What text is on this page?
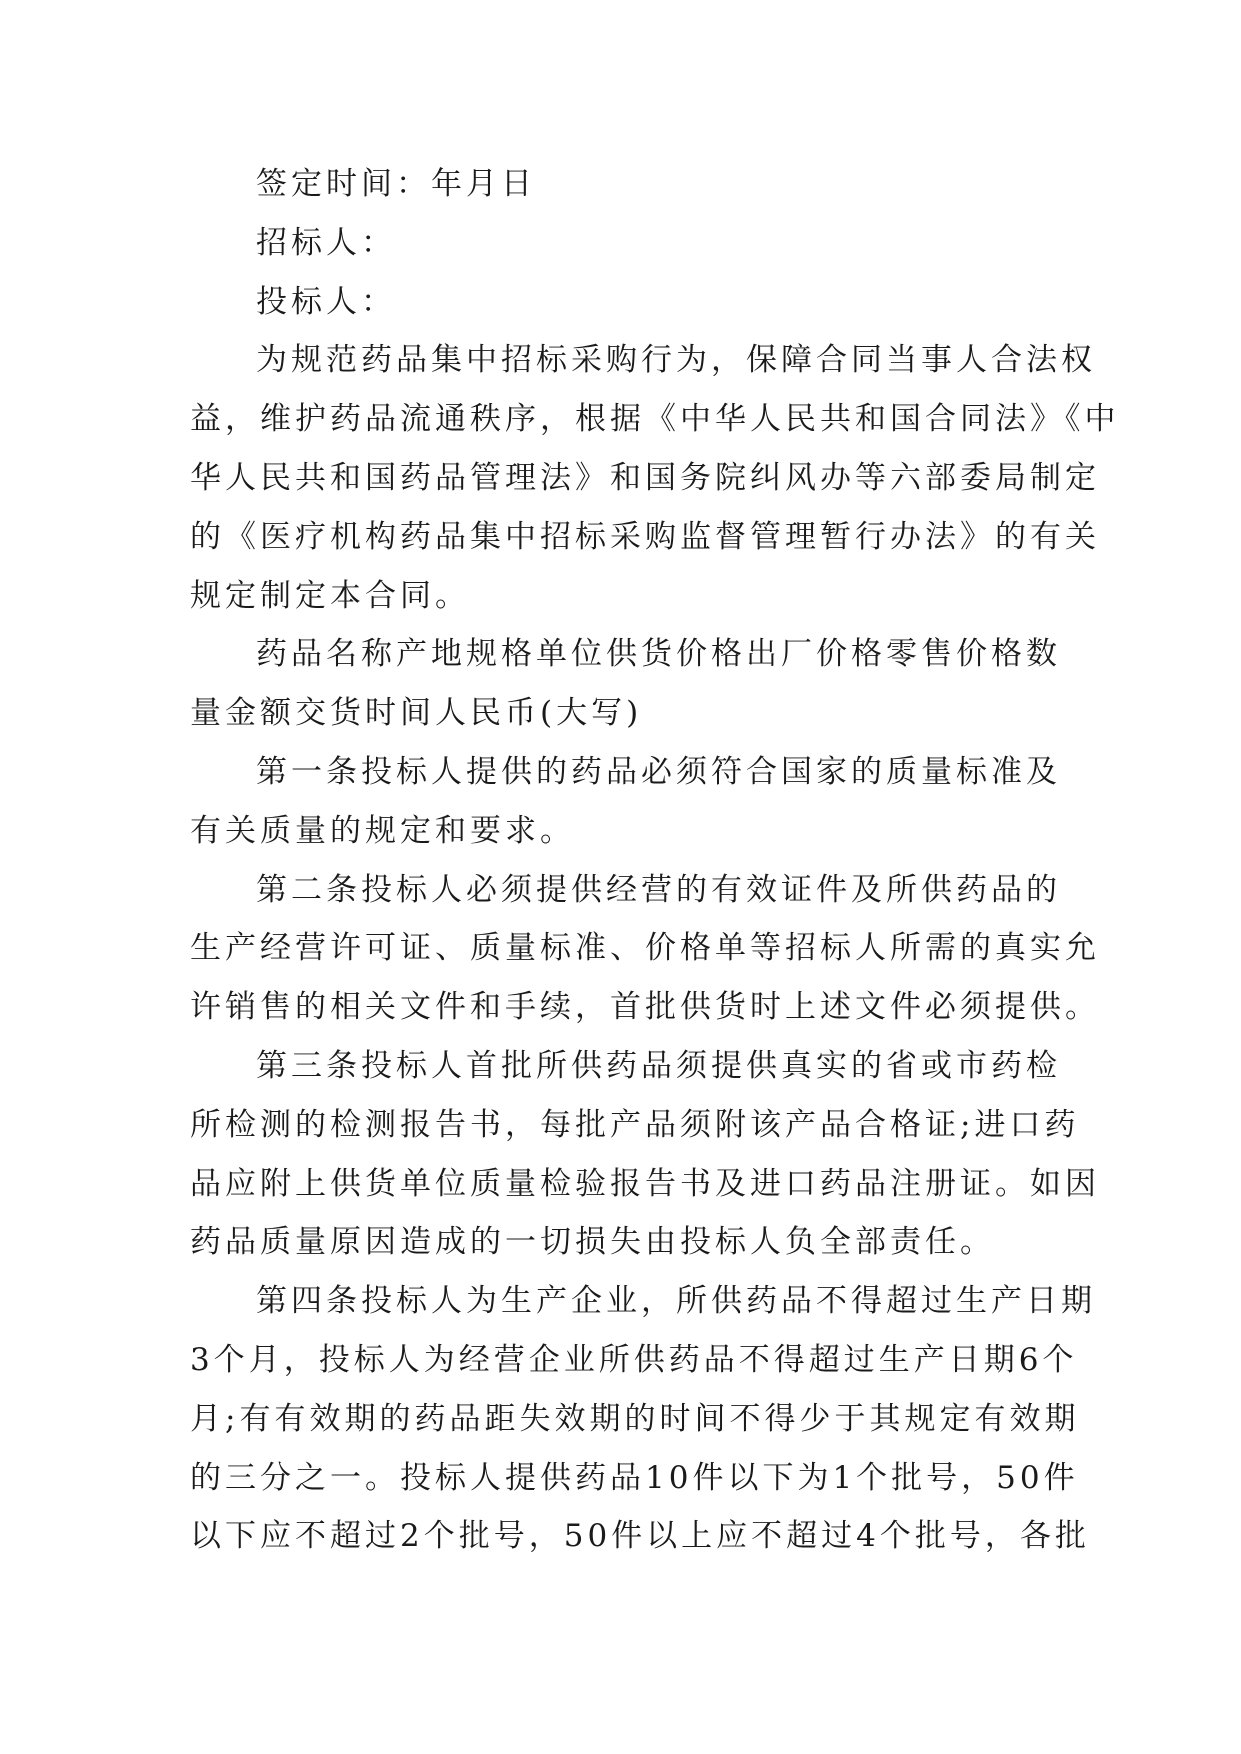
签定时间：年月日
招标人：
投标人：
为规范药品集中招标采购行为，保障合同当事人合法权
益，维护药品流通秩序，根据《中华人民共和国合同法》《中
华人民共和国药品管理法》和国务院纠风办等六部委局制定
的《医疗机构药品集中招标采购监督管理暂行办法》的有关
规定制定本合同。
药品名称产地规格单位供货价格出厂价格零售价格数
量金额交货时间人民币(大写)
第一条投标人提供的药品必须符合国家的质量标准及
有关质量的规定和要求。
第二条投标人必须提供经营的有效证件及所供药品的
生产经营许可证、质量标准、价格单等招标人所需的真实允
许销售的相关文件和手续，首批供货时上述文件必须提供。
第三条投标人首批所供药品须提供真实的省或市药检
所检测的检测报告书，每批产品须附该产品合格证;进口药
品应附上供货单位质量检验报告书及进口药品注册证。如因
药品质量原因造成的一切损失由投标人负全部责任。
第四条投标人为生产企业，所供药品不得超过生产日期
3个月，投标人为经营企业所供药品不得超过生产日期6个
月;有有效期的药品距失效期的时间不得少于其规定有效期
的三分之一。投标人提供药品10件以下为1个批号，50件
以下应不超过2个批号，50件以上应不超过4个批号，各批
